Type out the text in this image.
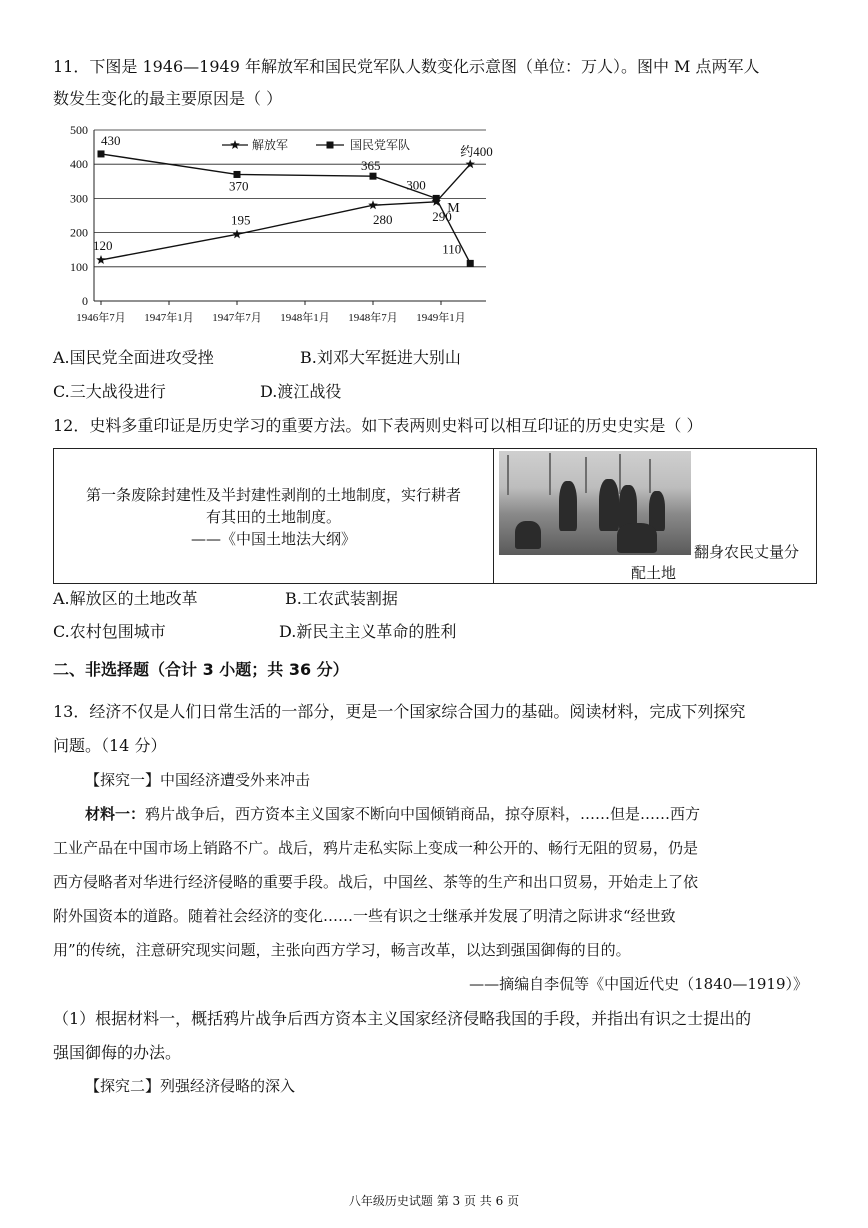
11．下图是 1946—1949 年解放军和国民党军队人数变化示意图（单位：万人）。图中 M 点两军人
数发生变化的最主要原因是（ ）
0
100
200
300
400
500
1946年7月 1947年1月 1947年7月 1948年1月 1948年7月 1949年1月
120
195	280	290
约400
430
370
365
300
110
解放军	国民党军队
M
A.国民党全面进攻受挫	B.刘邓大军挺进大别山
C.三大战役进行	D.渡江战役
12．史料多重印证是历史学习的重要方法。如下表两则史料可以相互印证的历史史实是（ ）
第一条废除封建性及半封建性剥削的土地制度，实行耕者
有其田的土地制度。
——《中国土地法大纲》
翻身农民丈量分
配土地
A.解放区的土地改革	B.工农武装割据
C.农村包围城市	D.新民主主义革命的胜利
二、非选择题（合计 3 小题；共 36 分）
13．经济不仅是人们日常生活的一部分，更是一个国家综合国力的基础。阅读材料，完成下列探究
问题。（14 分）
【探究一】中国经济遭受外来冲击
材料一：鸦片战争后，西方资本主义国家不断向中国倾销商品，掠夺原料，……但是……西方
工业产品在中国市场上销路不广。战后，鸦片走私实际上变成一种公开的、畅行无阻的贸易，仍是
西方侵略者对华进行经济侵略的重要手段。战后，中国丝、茶等的生产和出口贸易，开始走上了依
附外国资本的道路。随着社会经济的变化……一些有识之士继承并发展了明清之际讲求“经世致
用”的传统，注意研究现实问题，主张向西方学习，畅言改革，以达到强国御侮的目的。
——摘编自李侃等《中国近代史（1840—1919）》
（1）根据材料一，概括鸦片战争后西方资本主义国家经济侵略我国的手段，并指出有识之士提出的
强国御侮的办法。
【探究二】列强经济侵略的深入
八年级历史试题 第 3 页 共 6 页
